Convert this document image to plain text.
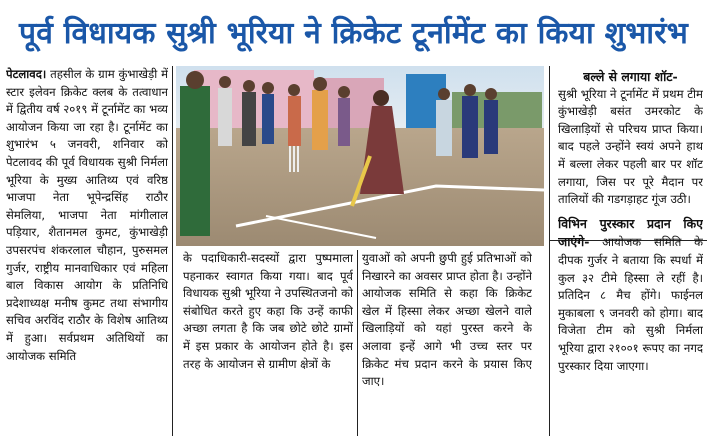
पूर्व विधायक सुश्री भूरिया ने क्रिकेट टूर्नामेंट का किया शुभारंभ

पेटलावद। तहसील के ग्राम कुंभाखेड़ी में स्टार इलेवन क्रिकेट क्लब के तत्वाधान में द्वितीय वर्ष २०१९ में टूर्नामेंट का भव्य आयोजन किया जा रहा है। टूर्नामेंट का शुभारंभ ५ जनवरी, शनिवार को पेटलावद की पूर्व विधायक सुश्री निर्मला भूरिया के मुख्य आतिथ्य एवं वरिष्ठ भाजपा नेता भूपेन्द्रसिंह राठौर सेमलिया, भाजपा नेता मांगीलाल पड़ियार, शैतानमल कुमट, कुंभाखेड़ी उपसरपंच शंकरलाल चौहान, पुरुसमल गुर्जर, राष्ट्रीय मानवाधिकार एवं महिला बाल विकास आयोग के प्रतिनिधि प्रदेशाध्यक्ष मनीष कुमट तथा संभागीय सचिव अरविंद राठौर के विशेष आतिथ्य में हुआ। सर्वप्रथम अतिथियों का आयोजक समिति

के पदाधिकारी-सदस्यों द्वारा पुष्पमाला पहनाकर स्वागत किया गया। बाद पूर्व विधायक सुश्री भूरिया ने उपस्थितजनो को संबोधित करते हुए कहा कि उन्हें काफी अच्छा लगता है कि जब छोटे छोटे ग्रामों में इस प्रकार के आयोजन होते है। इस तरह के आयोजन से ग्रामीण क्षेत्रों के

युवाओं को अपनी छुपी हुई प्रतिभाओं को निखारने का अवसर प्राप्त होता है। उन्होंने आयोजक समिति से कहा कि क्रिकेट खेल में हिस्सा लेकर अच्छा खेलने वाले खिलाड़ियों को यहां पुरस्त करने के अलावा इन्हें आगे भी उच्च स्तर पर क्रिकेट मंच प्रदान करने के प्रयास किए जाए।

बल्ले से लगाया शॉट-
सुश्री भूरिया ने टूर्नामेंट में प्रथम टीम कुंभाखेड़ी बसंत उमरकोट के खिलाड़ियों से परिचय प्राप्त किया। बाद पहले उन्होंने स्वयं अपने हाथ में बल्ला लेकर पहली बार पर शॉट लगाया, जिस पर पूरे मैदान पर तालियों की गडगड़ाहट गूंज उठी।

विभिन पुरस्कार प्रदान किए जाएंगे- आयोजक समिति के दीपक गुर्जर ने बताया कि स्पर्धा में कुल ३२ टीमे हिस्सा ले रहीं है। प्रतिदिन ८ मैच होंगे। फाईनल मुकाबला ९ जनवरी को होगा। बाद विजेता टीम को सुश्री निर्मला भूरिया द्वारा २१००१ रूपए का नगद पुरस्कार दिया जाएगा।
